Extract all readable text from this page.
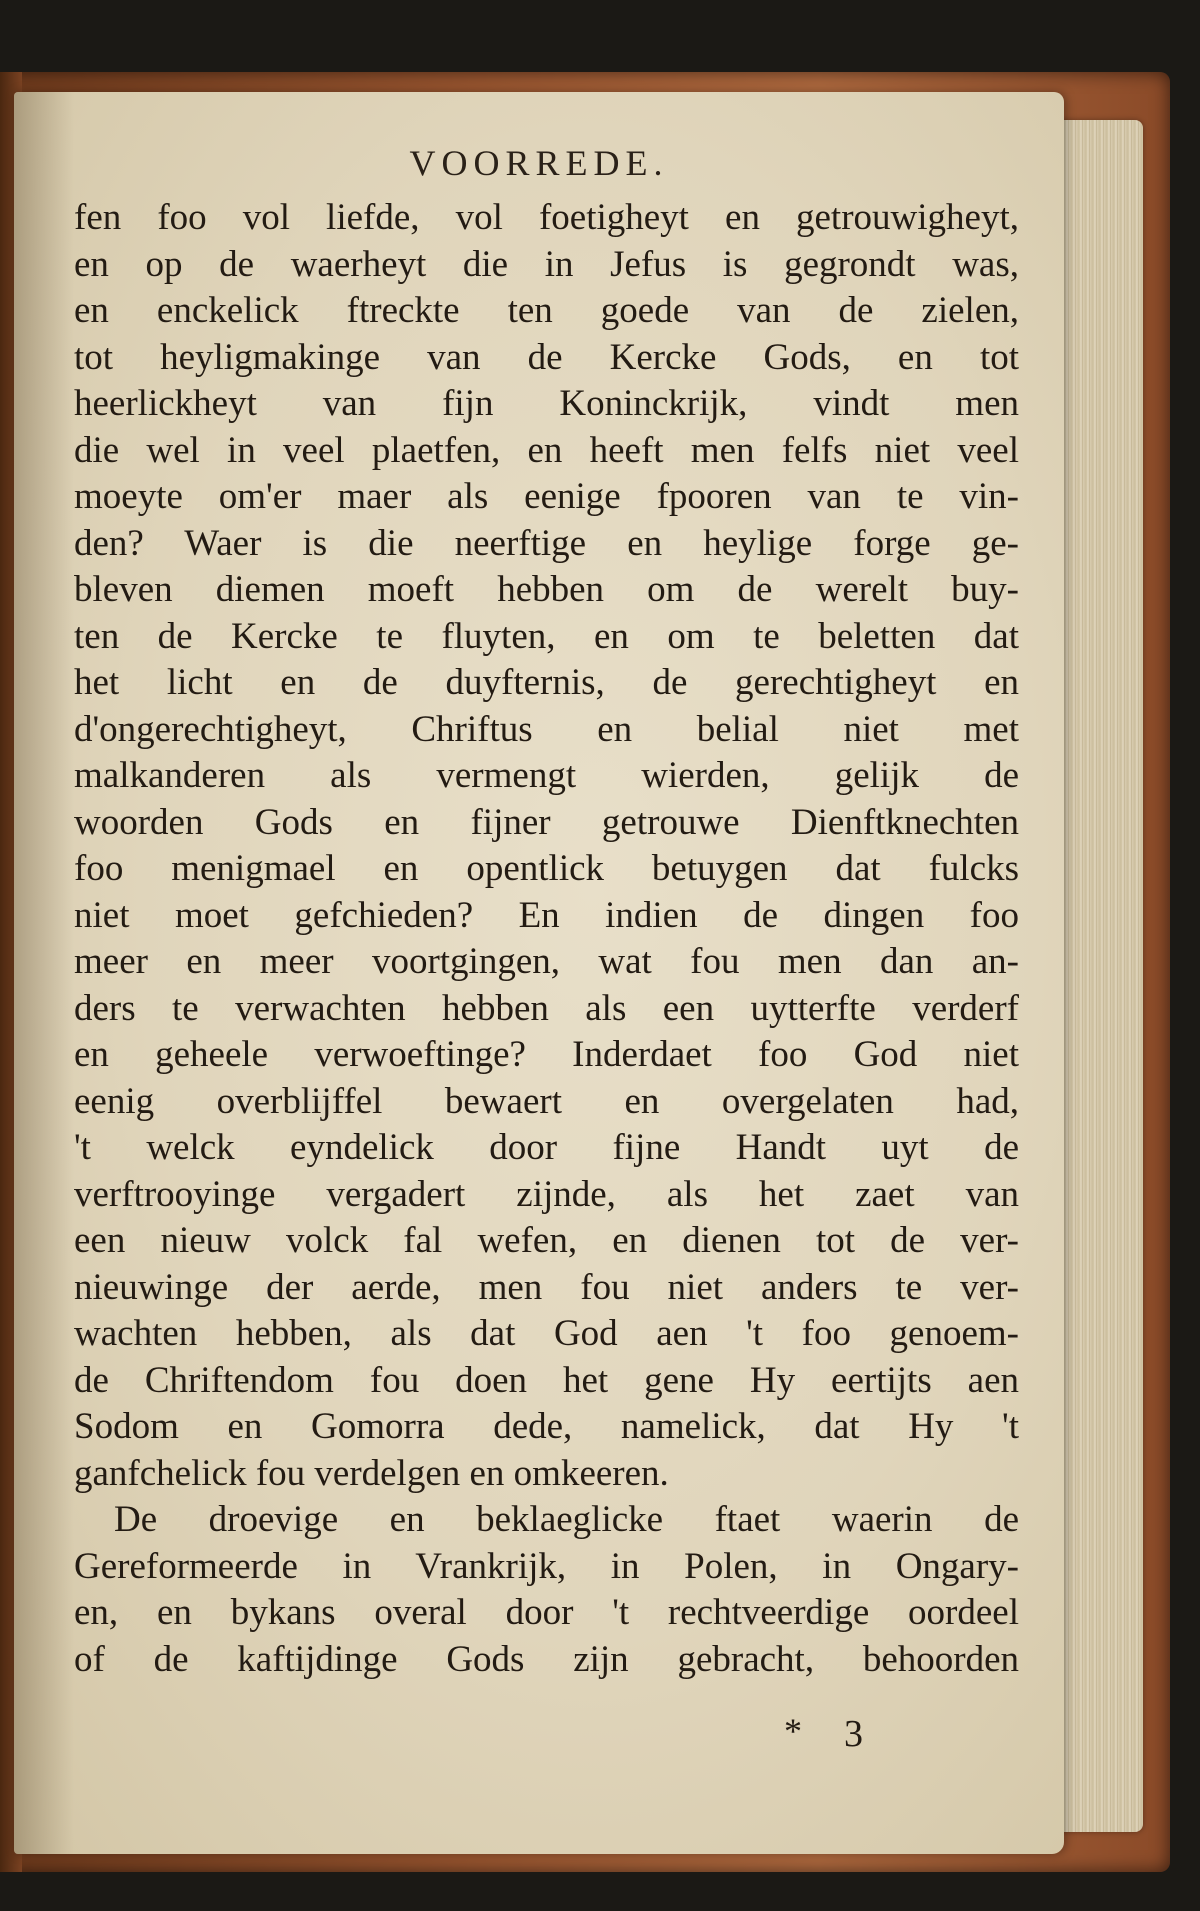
VOORREDE.
fen foo vol liefde, vol foetigheyt en getrouwigheyt,
en op de waerheyt die in Jefus is gegrondt was,
en enckelick ftreckte ten goede van de zielen,
tot heyligmakinge van de Kercke Gods, en tot
heerlickheyt van fijn Koninckrijk, vindt men
die wel in veel plaetfen, en heeft men felfs niet veel
moeyte om'er maer als eenige fpooren van te vin-
den? Waer is die neerftige en heylige forge ge-
bleven diemen moeft hebben om de werelt buy-
ten de Kercke te fluyten, en om te beletten dat
het licht en de duyfternis, de gerechtigheyt en
d'ongerechtigheyt, Chriftus en belial niet met
malkanderen als vermengt wierden, gelijk de
woorden Gods en fijner getrouwe Dienftknechten
foo menigmael en opentlick betuygen dat fulcks
niet moet gefchieden? En indien de dingen foo
meer en meer voortgingen, wat fou men dan an-
ders te verwachten hebben als een uytterfte verderf
en geheele verwoeftinge? Inderdaet foo God niet
eenig overblijffel bewaert en overgelaten had,
't welck eyndelick door fijne Handt uyt de
verftrooyinge vergadert zijnde, als het zaet van
een nieuw volck fal wefen, en dienen tot de ver-
nieuwinge der aerde, men fou niet anders te ver-
wachten hebben, als dat God aen 't foo genoem-
de Chriftendom fou doen het gene Hy eertijts aen
Sodom en Gomorra dede, namelick, dat Hy 't
ganfchelick fou verdelgen en omkeeren.
De droevige en beklaeglicke ftaet waerin de
Gereformeerde in Vrankrijk, in Polen, in Ongary-
en, en bykans overal door 't rechtveerdige oordeel
of de kaftijdinge Gods zijn gebracht, behoorden
* 3
